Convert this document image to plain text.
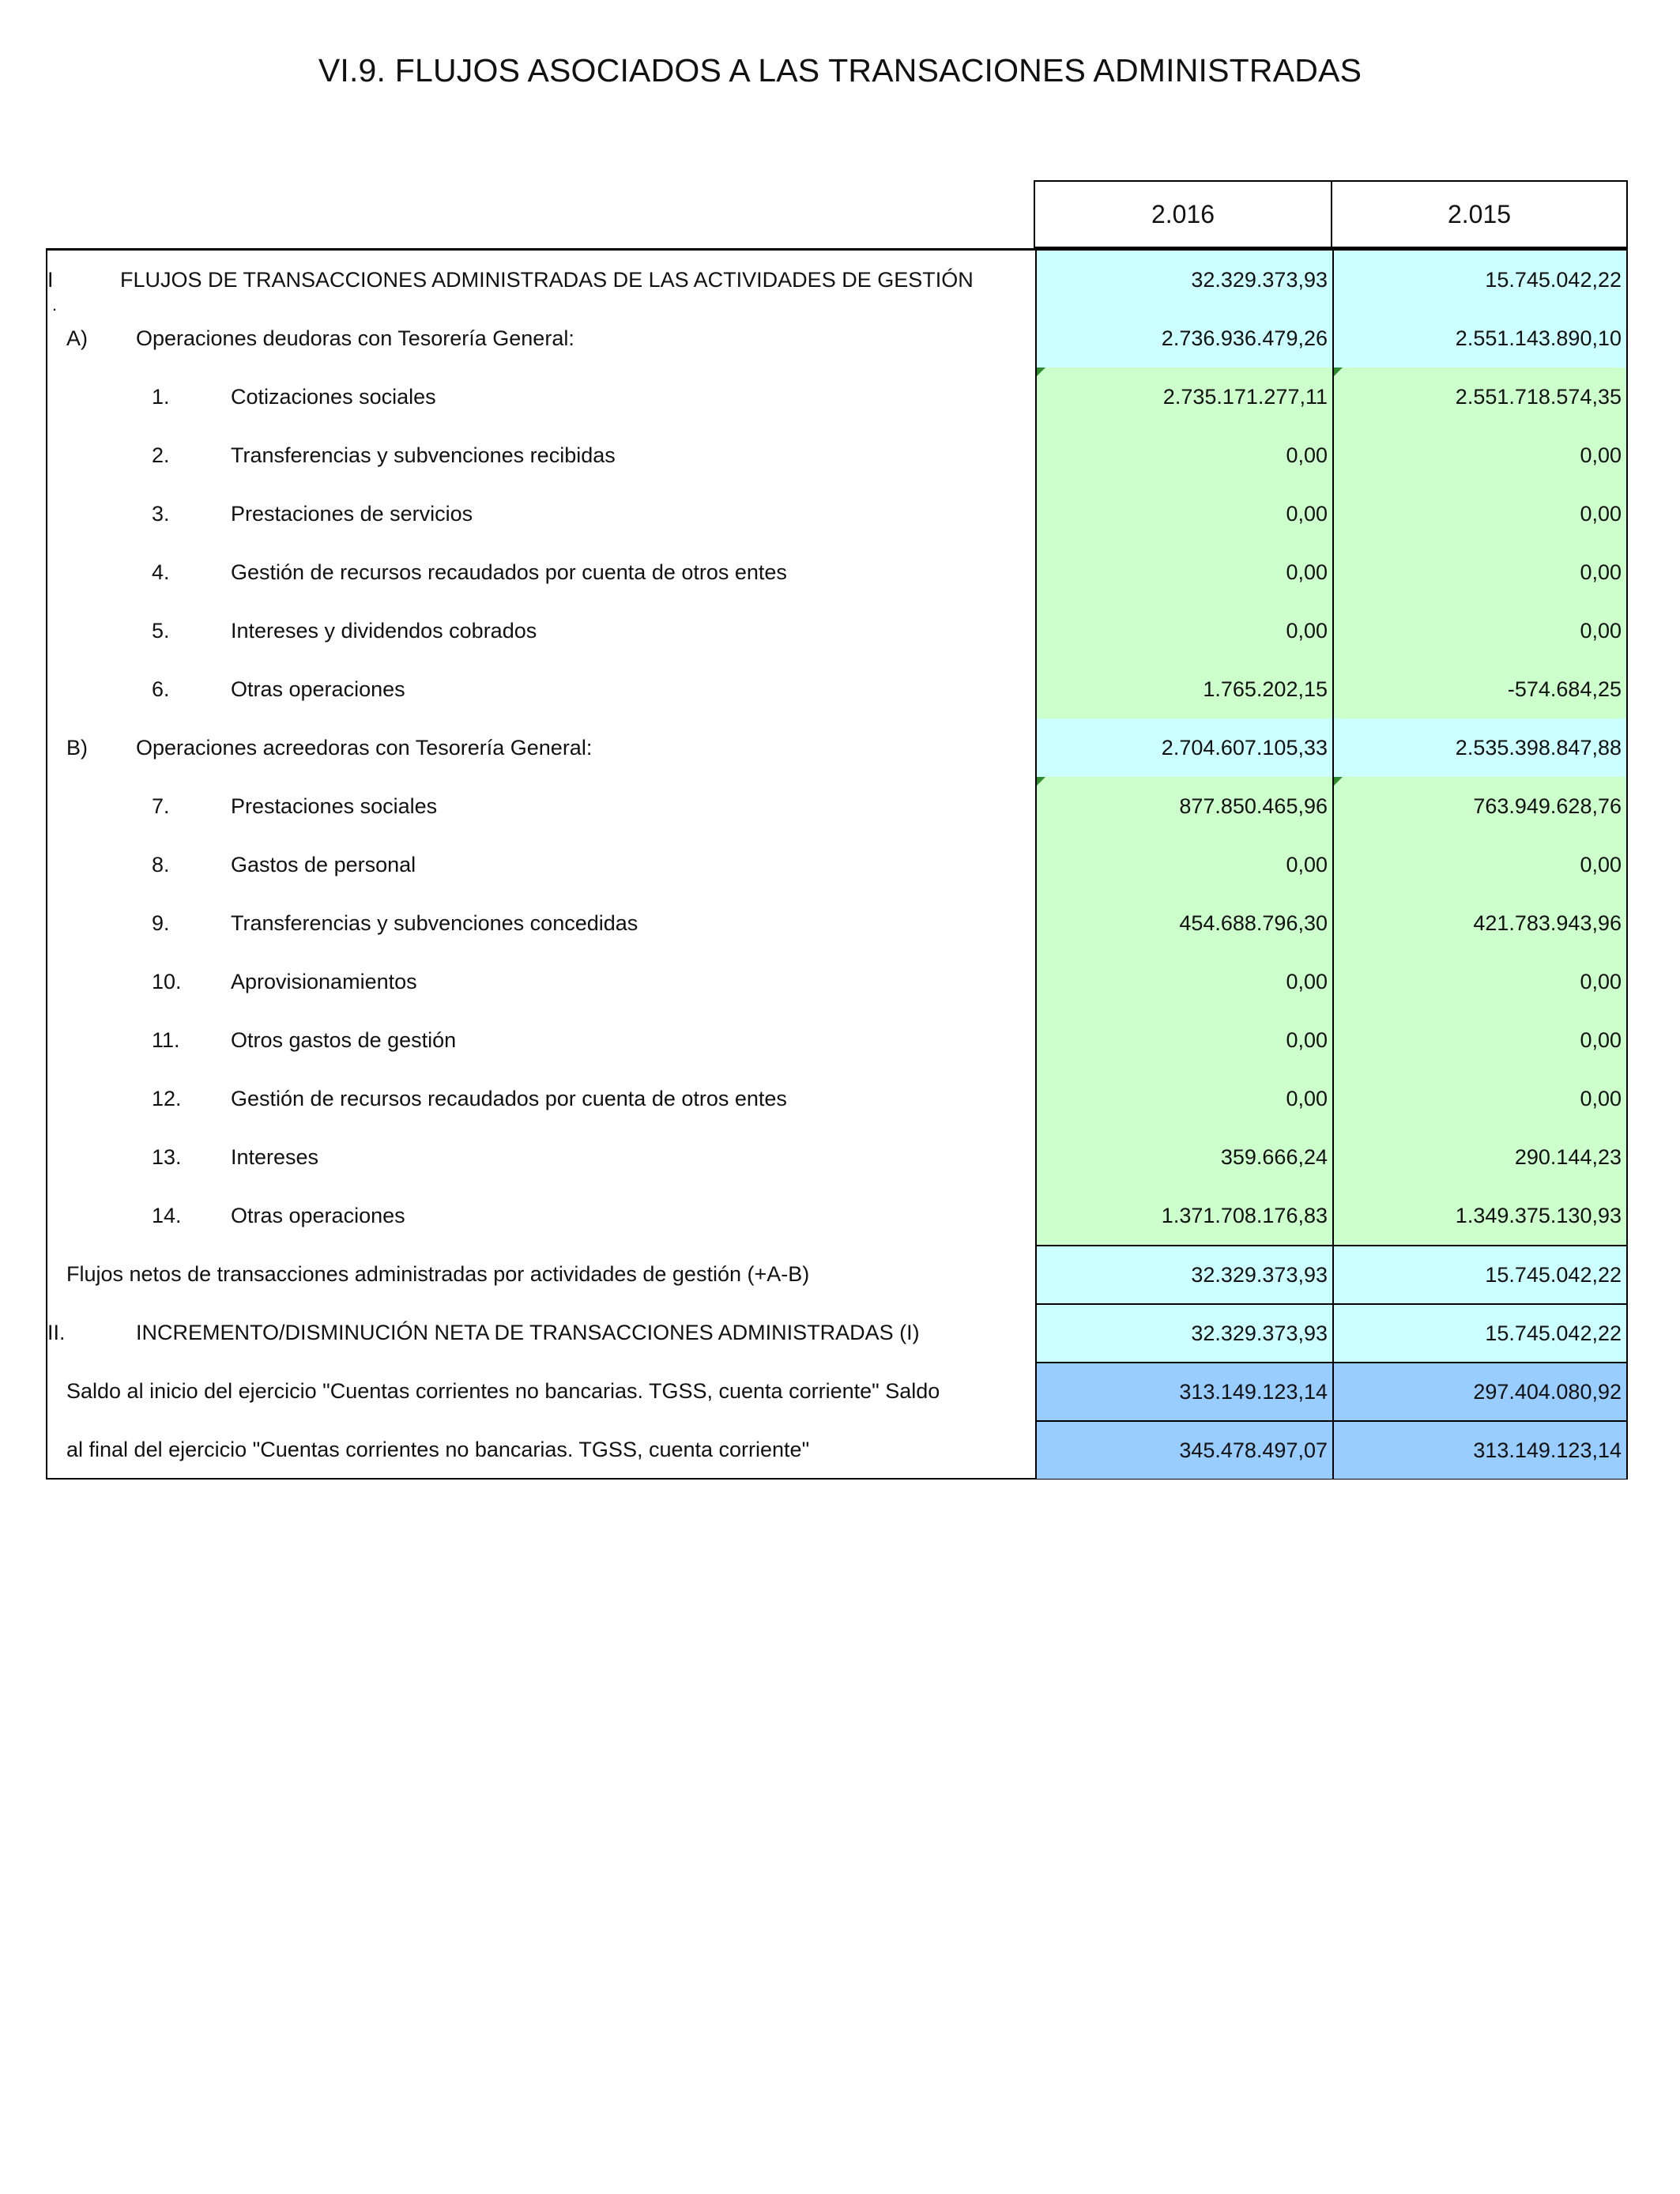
VI.9. FLUJOS ASOCIADOS A LAS TRANSACIONES ADMINISTRADAS
2.016	2.015
I
.
FLUJOS DE TRANSACCIONES ADMINISTRADAS DE LAS ACTIVIDADES DE GESTIÓN	32.329.373,93	15.745.042,22
A) Operaciones deudoras con Tesorería General:	2.736.936.479,26	2.551.143.890,10
1.	Cotizaciones sociales	2.735.171.277,11	2.551.718.574,35
2.	Transferencias y subvenciones recibidas	0,00	0,00
3.	Prestaciones de servicios	0,00	0,00
4.	Gestión de recursos recaudados por cuenta de otros entes	0,00	0,00
5.	Intereses y dividendos cobrados	0,00	0,00
6.	Otras operaciones	1.765.202,15	-574.684,25
B) Operaciones acreedoras con Tesorería General:	2.704.607.105,33	2.535.398.847,88
7.	Prestaciones sociales	877.850.465,96	763.949.628,76
8.	Gastos de personal	0,00	0,00
9.	Transferencias y subvenciones concedidas	454.688.796,30	421.783.943,96
10. Aprovisionamientos	0,00	0,00
11. Otros gastos de gestión	0,00	0,00
12. Gestión de recursos recaudados por cuenta de otros entes	0,00	0,00
13. Intereses	359.666,24	290.144,23
14. Otras operaciones	1.371.708.176,83	1.349.375.130,93
Flujos netos de transacciones administradas por actividades de gestión (+A-B)	32.329.373,93	15.745.042,22
II.	INCREMENTO/DISMINUCIÓN NETA DE TRANSACCIONES ADMINISTRADAS (I)	32.329.373,93	15.745.042,22
Saldo al inicio del ejercicio "Cuentas corrientes no bancarias. TGSS, cuenta corriente" Saldo	313.149.123,14	297.404.080,92
al final del ejercicio "Cuentas corrientes no bancarias. TGSS, cuenta corriente"	345.478.497,07	313.149.123,14
